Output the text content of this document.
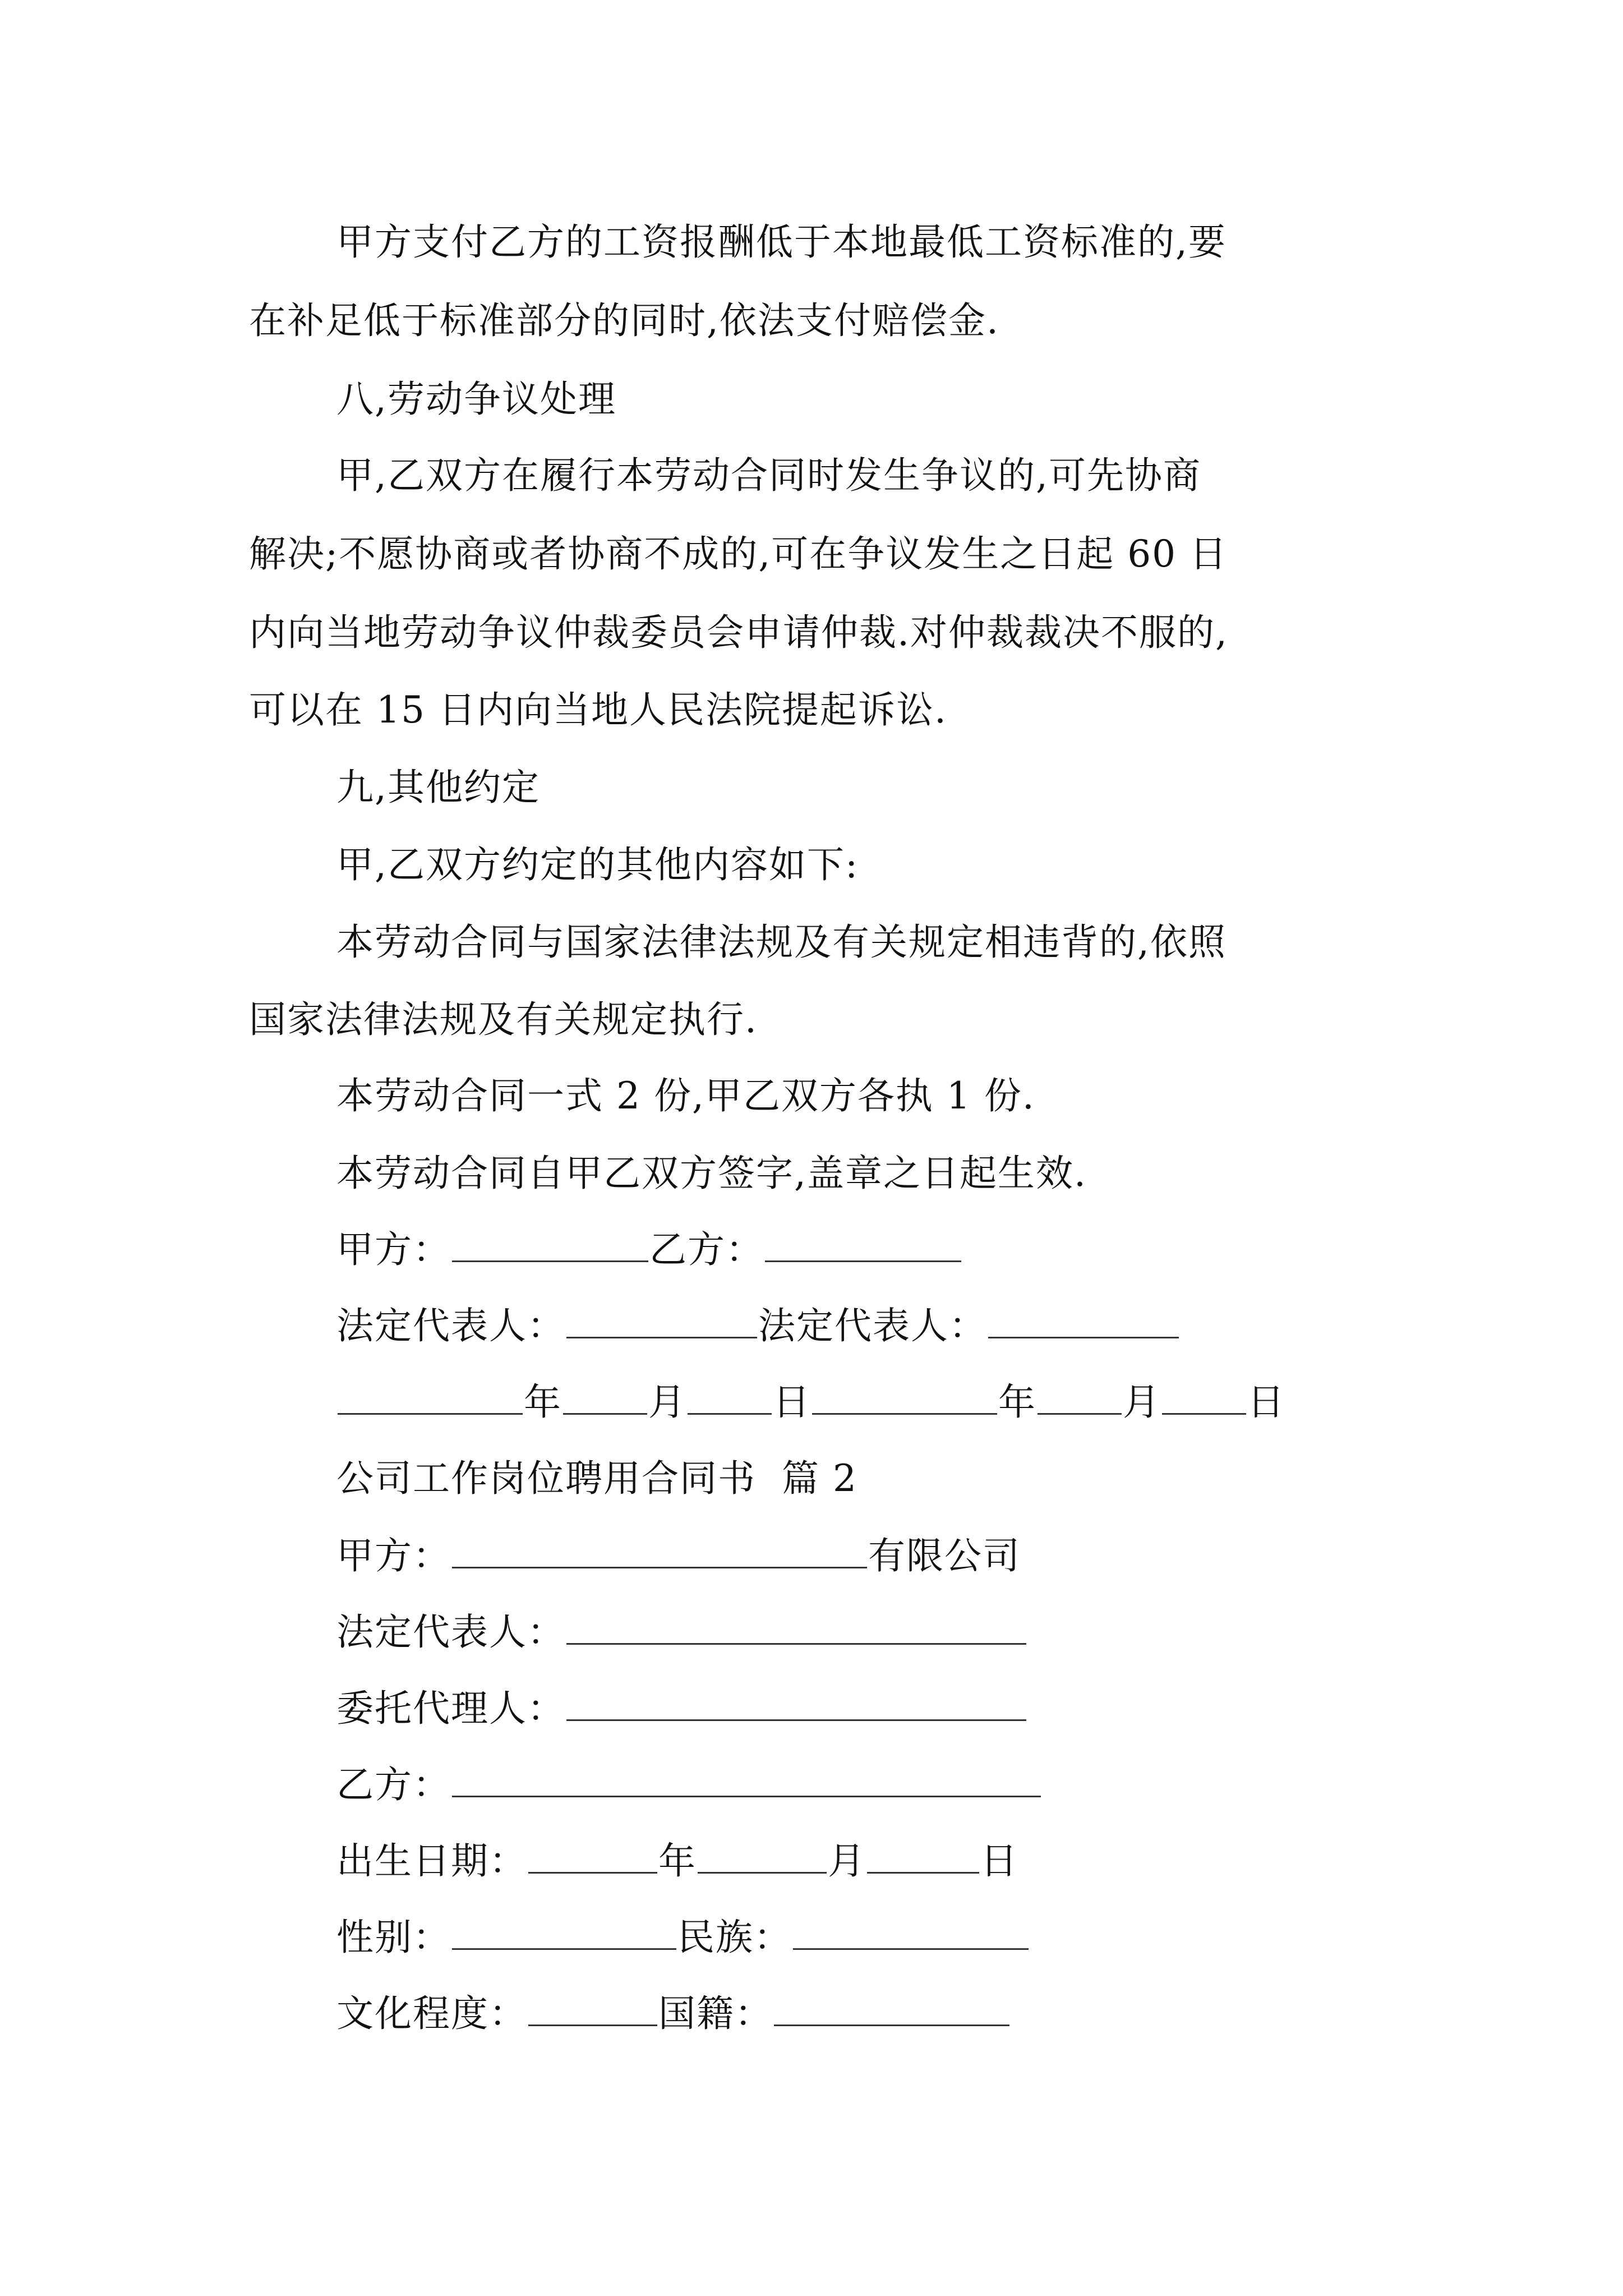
甲方支付乙方的工资报酬低于本地最低工资标准的,要
在补足低于标准部分的同时,依法支付赔偿金.
八,劳动争议处理
甲,乙双方在履行本劳动合同时发生争议的,可先协商
解决;不愿协商或者协商不成的,可在争议发生之日起 60 日
内向当地劳动争议仲裁委员会申请仲裁.对仲裁裁决不服的,
可以在 15 日内向当地人民法院提起诉讼.
九,其他约定
甲,乙双方约定的其他内容如下:
本劳动合同与国家法律法规及有关规定相违背的,依照
国家法律法规及有关规定执行.
本劳动合同一式 2 份,甲乙双方各执 1 份.
本劳动合同自甲乙双方签字,盖章之日起生效.
甲方：	乙方：
法定代表人：	法定代表人：
年 月 日	年 月 日
公司工作岗位聘用合同书  篇 2
甲方：	有限公司
法定代表人：
委托代理人：
乙方：
出生日期：	年	月	日
性别：	民族：
文化程度：	国籍：
